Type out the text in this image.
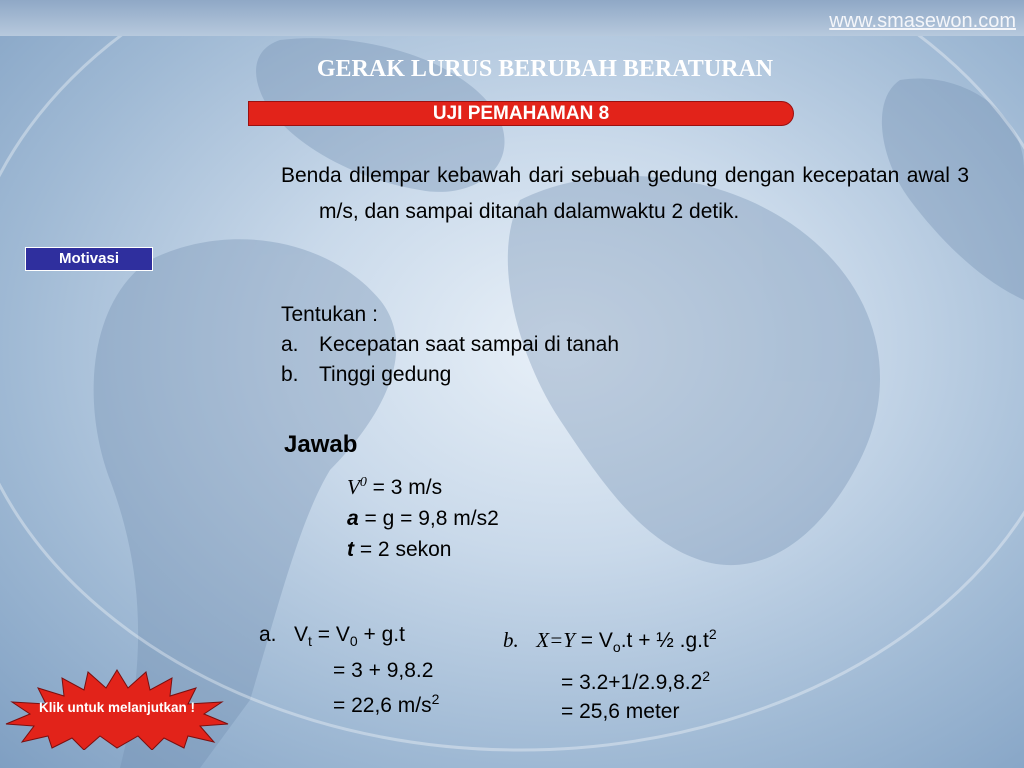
www.smasewon.com
GERAK LURUS BERUBAH BERATURAN
UJI PEMAHAMAN 8
Motivasi
Benda dilempar kebawah dari sebuah gedung dengan kecepatan awal 3 m/s, dan sampai ditanah dalamwaktu 2 detik.
Tentukan :
a. Kecepatan saat sampai di tanah
b. Tinggi gedung
Jawab
$V^0 = 3$ m/s
a = g = 9,8 m/s2
t = 2 sekon
a. $V_t = V_0 + g.t$
= 3 + 9,8.2
= 22,6 $m/s^2$
b. $X=Y = V_o.t$ + ½ $.g.t^2$
= $3.2+1/2.9,8.2^2$
= 25,6 meter
Klik untuk melanjutkan !
